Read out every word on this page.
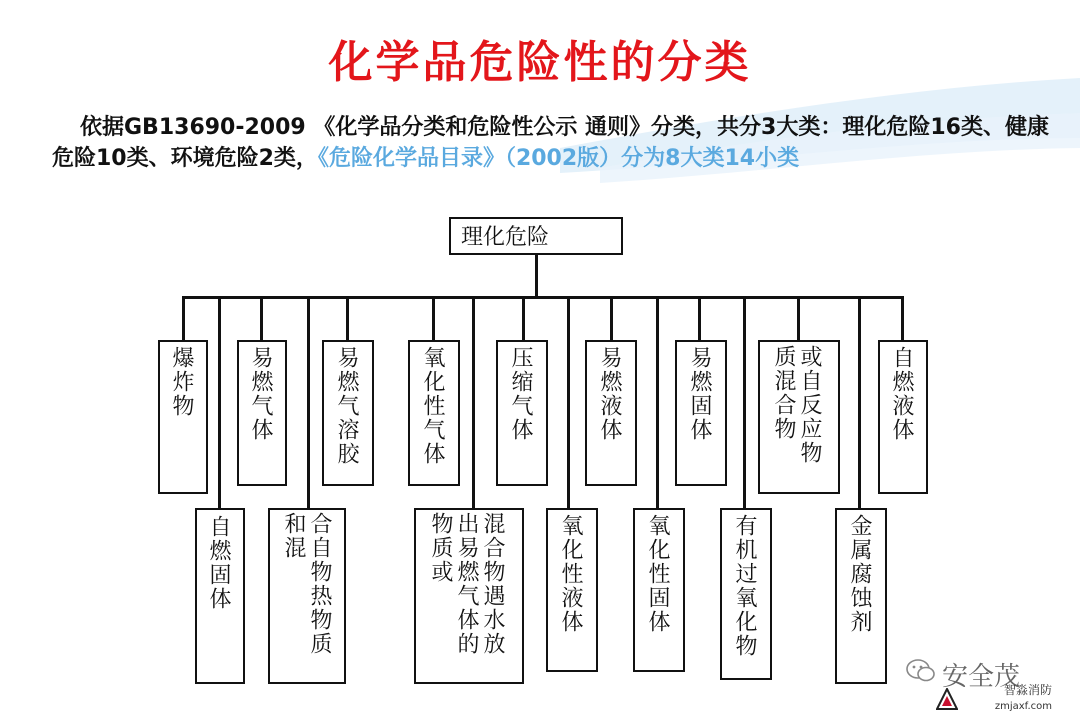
化学品危险性的分类
依据GB13690-2009 《化学品分类和危险性公示 通则》分类，共分3大类：理化危险16类、健康危险10类、环境危险2类，《危险化学品目录》（2002版）分为8大类14小类
理化危险
爆炸物 易燃气体	易燃气溶胶	氧化性气体	压缩气体	易燃液体	易燃固体	或自反应物质混合物	自燃液体
自燃固体	合自物热物质和混	混合物遇水放出易燃气体的物质或	氧化性液体	氧化性固体	有机过氧化物	金属腐蚀剂
安全茂
智淼消防
zmjaxf.com
